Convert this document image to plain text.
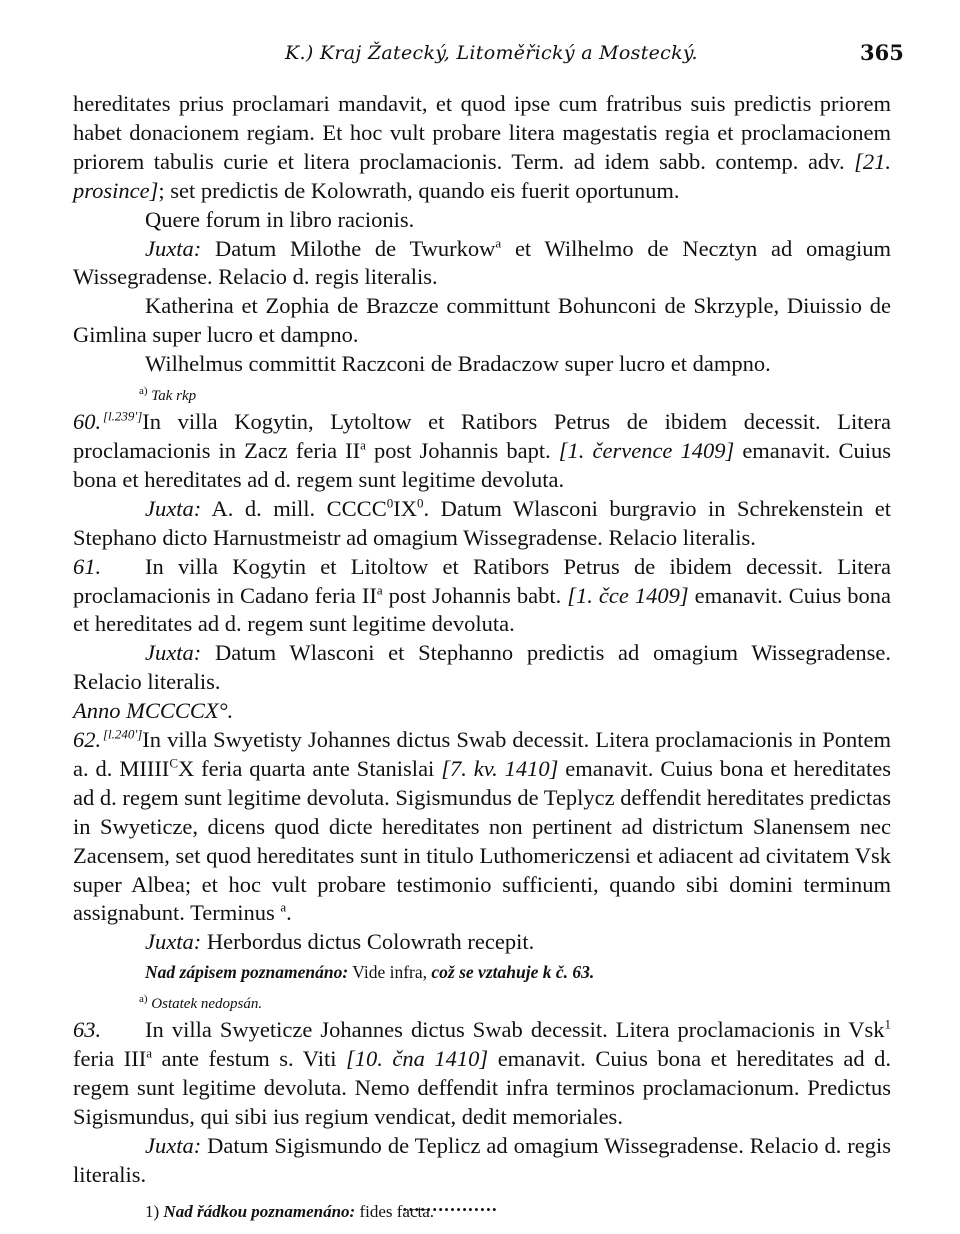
K.) Kraj Žatecký, Litoměřický a Mostecký.	365

hereditates prius proclamari mandavit, et quod ipse cum fratribus suis predictis priorem habet donacionem regiam. Et hoc vult probare litera magestatis regia et proclamacionem priorem tabulis curie et litera proclamacionis. Term. ad idem sabb. contemp. adv. [21. prosince]; set predictis de Kolowrath, quando eis fuerit oportunum.

Quere forum in libro racionis.

Juxta: Datum Milothe de Twurkow$^a$ et Wilhelmo de Necztyn ad omagium Wissegradense. Relacio d. regis literalis.

Katherina et Zophia de Brazcze committunt Bohunconi de Skrzyple, Diuissio de Gimlina super lucro et dampno.

Wilhelmus committit Raczconi de Bradaczow super lucro et dampno.

$^{a)}$ Tak rkp

60. [l.239']In villa Kogytin, Lytoltow et Ratibors Petrus de ibidem decessit. Litera proclamacionis in Zacz feria $II^a$ post Johannis bapt. [1. července 1409] emanavit. Cuius bona et hereditates ad d. regem sunt legitime devoluta.

Juxta: A. d. mill. $CCCC^0IX^0$. Datum Wlasconi burgravio in Schrekenstein et Stephano dicto Harnustmeistr ad omagium Wissegradense. Relacio literalis.

61. In villa Kogytin et Litoltow et Ratibors Petrus de ibidem decessit. Litera proclamacionis in Cadano feria $II^a$ post Johannis babt. [1. čce 1409] emanavit. Cuius bona et hereditates ad d. regem sunt legitime devoluta.

Juxta: Datum Wlasconi et Stephanno predictis ad omagium Wissegradense. Relacio literalis.

Anno MCCCCX°.

62. [l.240']In villa Swyetisty Johannes dictus Swab decessit. Litera proclamacionis in Pontem a. d. $MIIII^CX$ feria quarta ante Stanislai [7. kv. 1410] emanavit. Cuius bona et hereditates ad d. regem sunt legitime devoluta. Sigismundus de Teplycz deffendit hereditates predictas in Swyeticze, dicens quod dicte hereditates non pertinent ad districtum Slanensem nec Zacensem, set quod hereditates sunt in titulo Luthomericzensi et adiacent ad civitatem Vsk super Albea; et hoc vult probare testimonio sufficienti, quando sibi domini terminum assignabunt. Terminus $^a$.

Juxta: Herbordus dictus Colowrath recepit.

Nad zápisem poznamenáno: Vide infra, což se vztahuje k č. 63.

$^{a)}$ Ostatek nedopsán.

63. In villa Swyeticze Johannes dictus Swab decessit. Litera proclamacionis in Vsk$^1$ feria III$^a$ ante festum s. Viti [10. čna 1410] emanavit. Cuius bona et hereditates ad d. regem sunt legitime devoluta. Nemo deffendit infra terminos proclamacionum. Predictus Sigismundus, qui sibi ius regium vendicat, dedit memoriales.

Juxta: Datum Sigismundo de Teplicz ad omagium Wissegradense. Relacio d. regis literalis.

1) Nad řádkou poznamenáno: fides facta.

................
